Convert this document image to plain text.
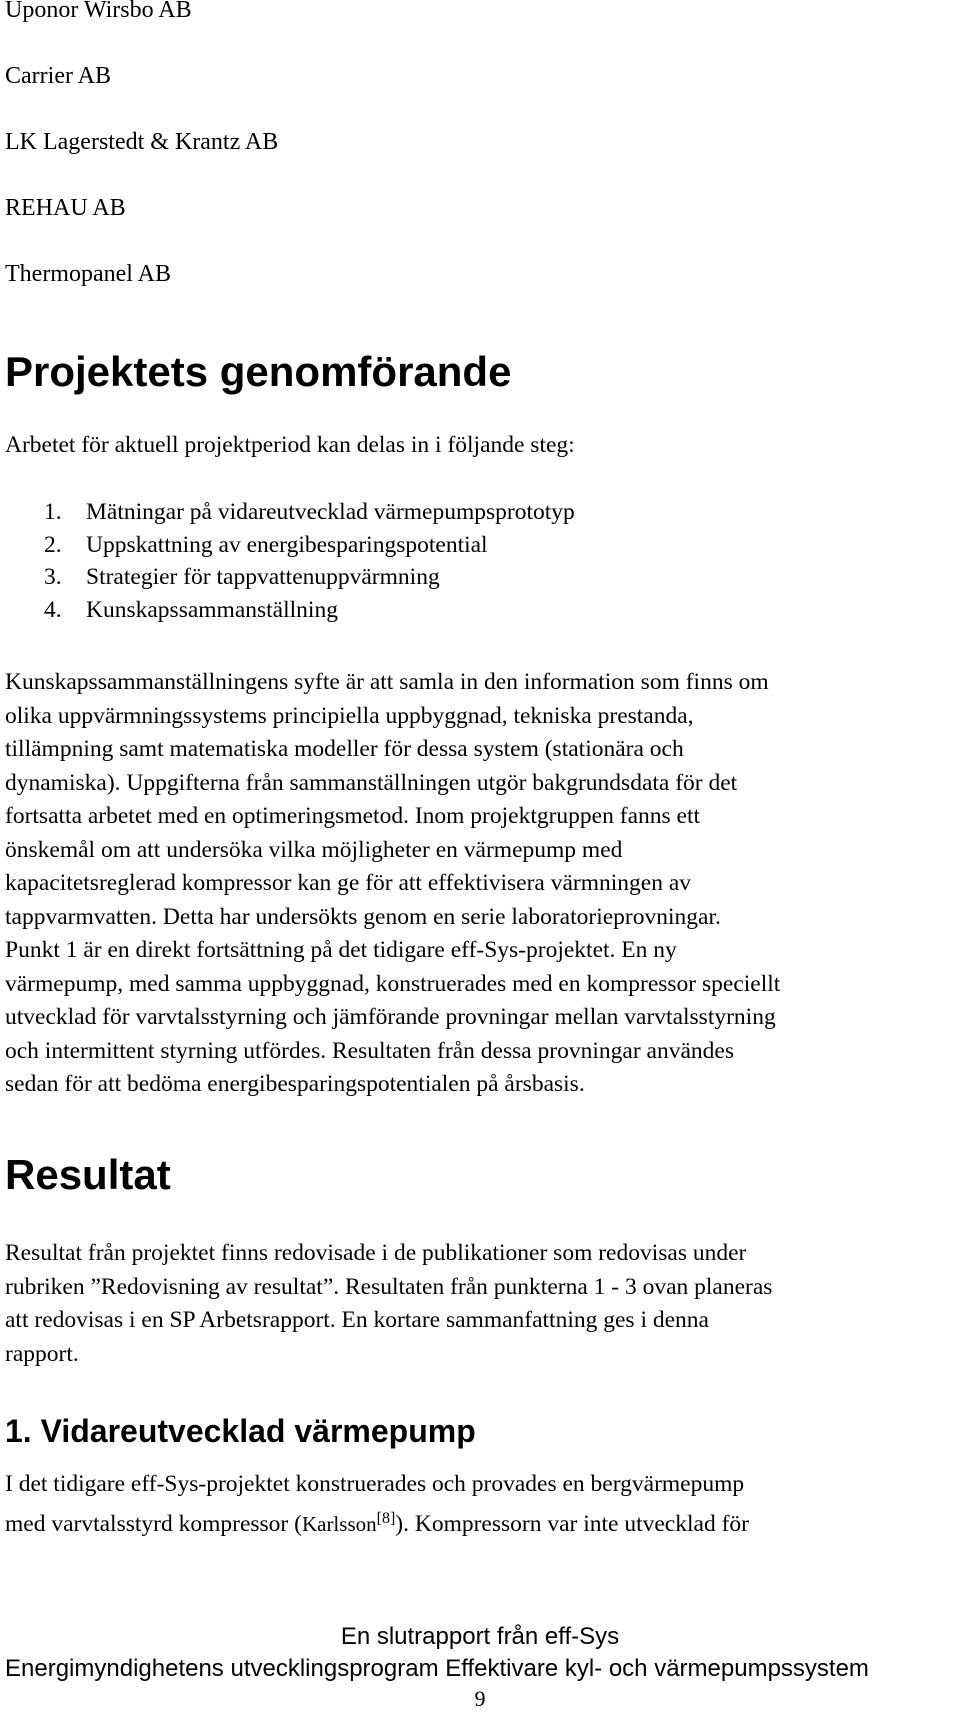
Uponor Wirsbo AB
Carrier AB
LK Lagerstedt & Krantz AB
REHAU AB
Thermopanel AB
Projektets genomförande
Arbetet för aktuell projektperiod kan delas in i följande steg:
1. Mätningar på vidareutvecklad värmepumpsprototyp
2. Uppskattning av energibesparingspotential
3. Strategier för tappvattenuppvärmning
4. Kunskapssammanställning
Kunskapssammanställningens syfte är att samla in den information som finns om
olika uppvärmningssystems principiella uppbyggnad, tekniska prestanda,
tillämpning samt matematiska modeller för dessa system (stationära och
dynamiska). Uppgifterna från sammanställningen utgör bakgrundsdata för det
fortsatta arbetet med en optimeringsmetod. Inom projektgruppen fanns ett
önskemål om att undersöka vilka möjligheter en värmepump med
kapacitetsreglerad kompressor kan ge för att effektivisera värmningen av
tappvarmvatten. Detta har undersökts genom en serie laboratorieprovningar.
Punkt 1 är en direkt fortsättning på det tidigare eff-Sys-projektet. En ny
värmepump, med samma uppbyggnad, konstruerades med en kompressor speciellt
utvecklad för varvtalsstyrning och jämförande provningar mellan varvtalsstyrning
och intermittent styrning utfördes. Resultaten från dessa provningar användes
sedan för att bedöma energibesparingspotentialen på årsbasis.
Resultat
Resultat från projektet finns redovisade i de publikationer som redovisas under
rubriken ”Redovisning av resultat”. Resultaten från punkterna 1 - 3 ovan planeras
att redovisas i en SP Arbetsrapport. En kortare sammanfattning ges i denna
rapport.
1. Vidareutvecklad värmepump
I det tidigare eff-Sys-projektet konstruerades och provades en bergvärmepump
med varvtalsstyrd kompressor (Karlsson[8]). Kompressorn var inte utvecklad för
En slutrapport från eff-Sys
Energimyndighetens utvecklingsprogram Effektivare kyl- och värmepumpssystem
9
